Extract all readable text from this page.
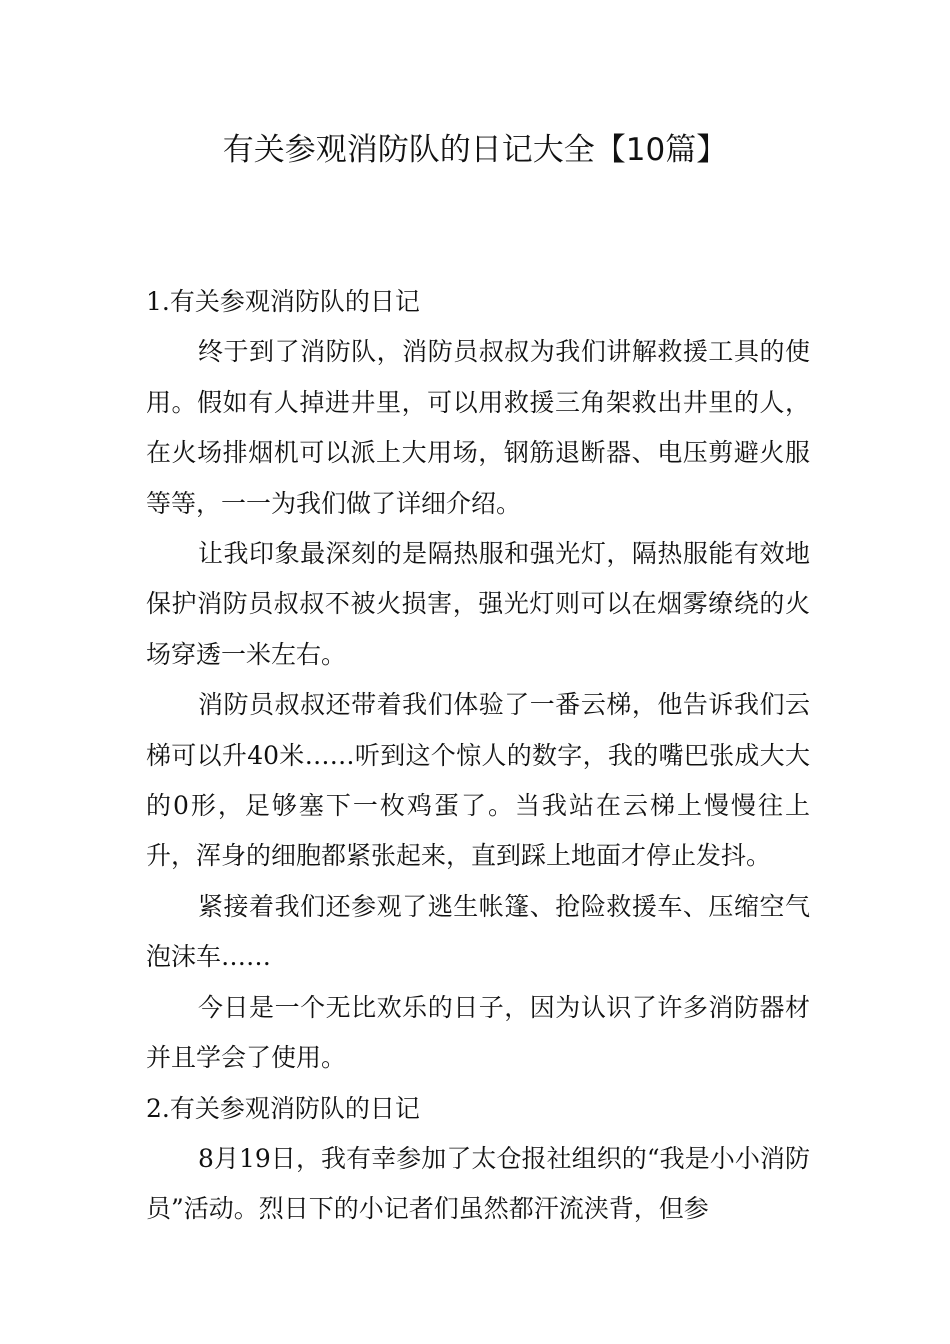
有关参观消防队的日记大全【10篇】
1.有关参观消防队的日记

终于到了消防队，消防员叔叔为我们讲解救援工具的使用。假如有人掉进井里，可以用救援三角架救出井里的人，在火场排烟机可以派上大用场，钢筋退断器、电压剪避火服等等，一一为我们做了详细介绍。

让我印象最深刻的是隔热服和强光灯，隔热服能有效地保护消防员叔叔不被火损害，强光灯则可以在烟雾缭绕的火场穿透一米左右。

消防员叔叔还带着我们体验了一番云梯，他告诉我们云梯可以升40米……听到这个惊人的数字，我的嘴巴张成大大的0形，足够塞下一枚鸡蛋了。当我站在云梯上慢慢往上升，浑身的细胞都紧张起来，直到踩上地面才停止发抖。

紧接着我们还参观了逃生帐篷、抢险救援车、压缩空气泡沫车……

今日是一个无比欢乐的日子，因为认识了许多消防器材并且学会了使用。

2.有关参观消防队的日记

8月19日，我有幸参加了太仓报社组织的“我是小小消防员”活动。烈日下的小记者们虽然都汗流浃背，但参
